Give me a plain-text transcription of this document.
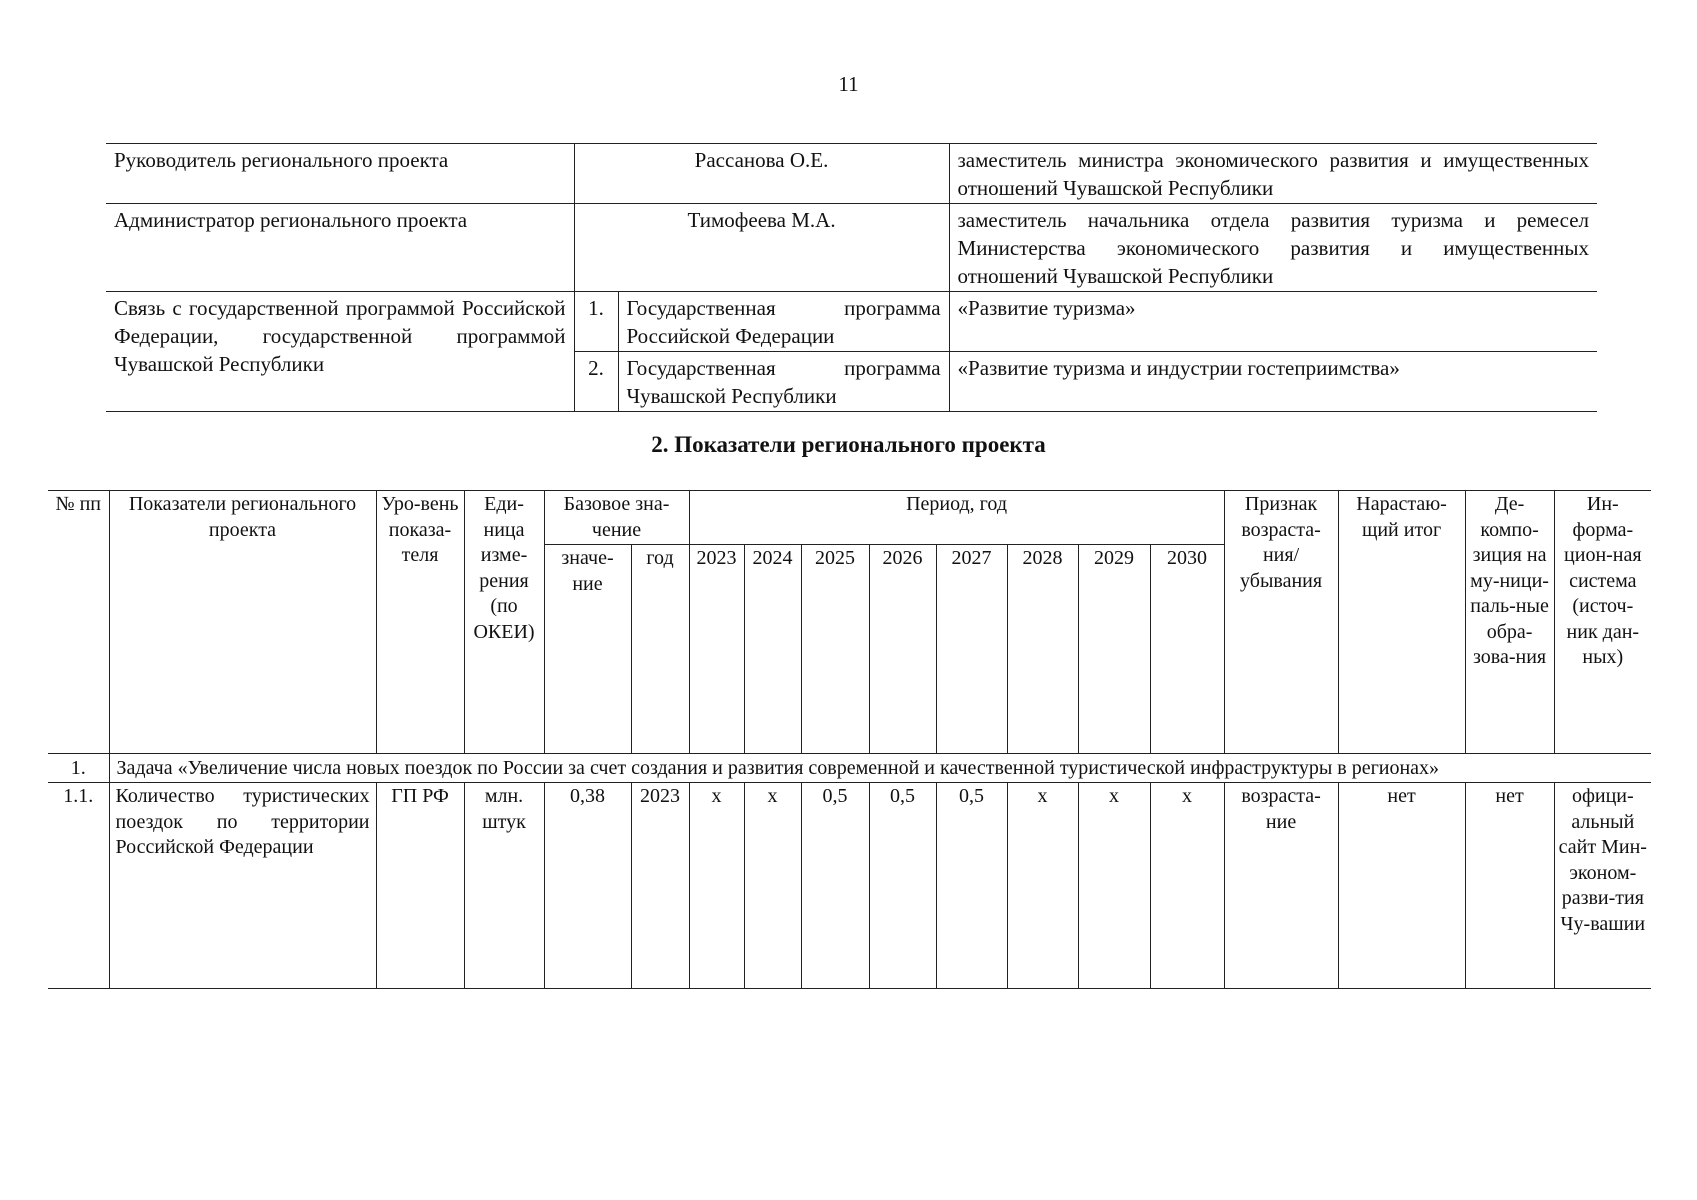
11
Руководитель регионального проекта	Рассанова О.Е.		заместитель министра экономического развития и имущественных отношений Чувашской Республики
Администратор регионального проекта	Тимофеева М.А.		заместитель начальника отдела развития туризма и ремесел Министерства экономического развития и имущественных отношений Чувашской Республики
Связь с государственной программой Российской Федерации, государственной программой Чувашской Республики	1.	Государственная программа Российской Федерации	«Развитие туризма»
	2.	Государственная программа Чувашской Республики	«Развитие туризма и индустрии гостеприимства»
2. Показатели регионального проекта
№ пп	Показатели регионального проекта	Уро-вень показа-теля	Еди-ница изме-рения (по ОКЕИ)	Базовое зна-чение		Период, год								Признак возраста-ния/ убывания	Нарастаю-щий итог	Де-компо-зиция на му-ници-паль-ные обра-зова-ния	Ин-форма-цион-ная система (источ-ник дан-ных)
				значе-ние	год	2023	2024	2025	2026	2027	2028	2029	2030				
1.	Задача «Увеличение числа новых поездок по России за счет создания и развития современной и качественной туристической инфраструктуры в регионах»																
1.1.	Количество туристических поездок по территории Российской Федерации	ГП РФ	млн. штук	0,38	2023	х	х	0,5	0,5	0,5	х	х	х	возраста-ние	нет	нет	офици-альный сайт Мин-эконом-разви-тия Чу-вашии
